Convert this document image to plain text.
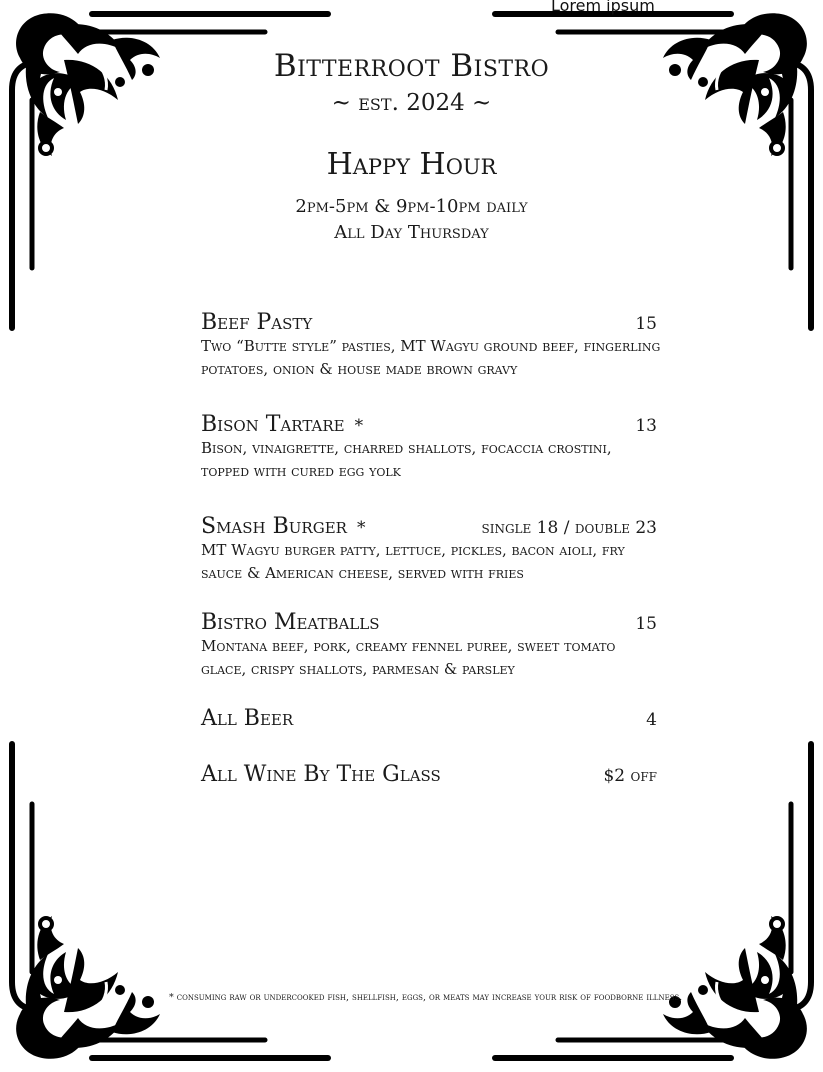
Lorem ipsum
Bitterroot Bistro
~ est. 2024 ~
Happy Hour
2pm-5pm & 9pm-10pm daily
All Day Thursday
Beef Pasty	15
Two “Butte style” pasties, MT Wagyu ground beef, fingerling potatoes, onion & house made brown gravy
Bison Tartare *	13
Bison, vinaigrette, charred shallots, focaccia crostini, topped with cured egg yolk
Smash Burger *	single 18 / double 23
MT Wagyu burger patty, lettuce, pickles, bacon aioli, fry sauce & American cheese, served with fries
Bistro Meatballs	15
Montana beef, pork, creamy fennel puree, sweet tomato glace, crispy shallots, parmesan & parsley
All Beer	4
All Wine By The Glass	$2 off
* consuming raw or undercooked fish, shellfish, eggs, or meats may increase your risk of foodborne illness.
